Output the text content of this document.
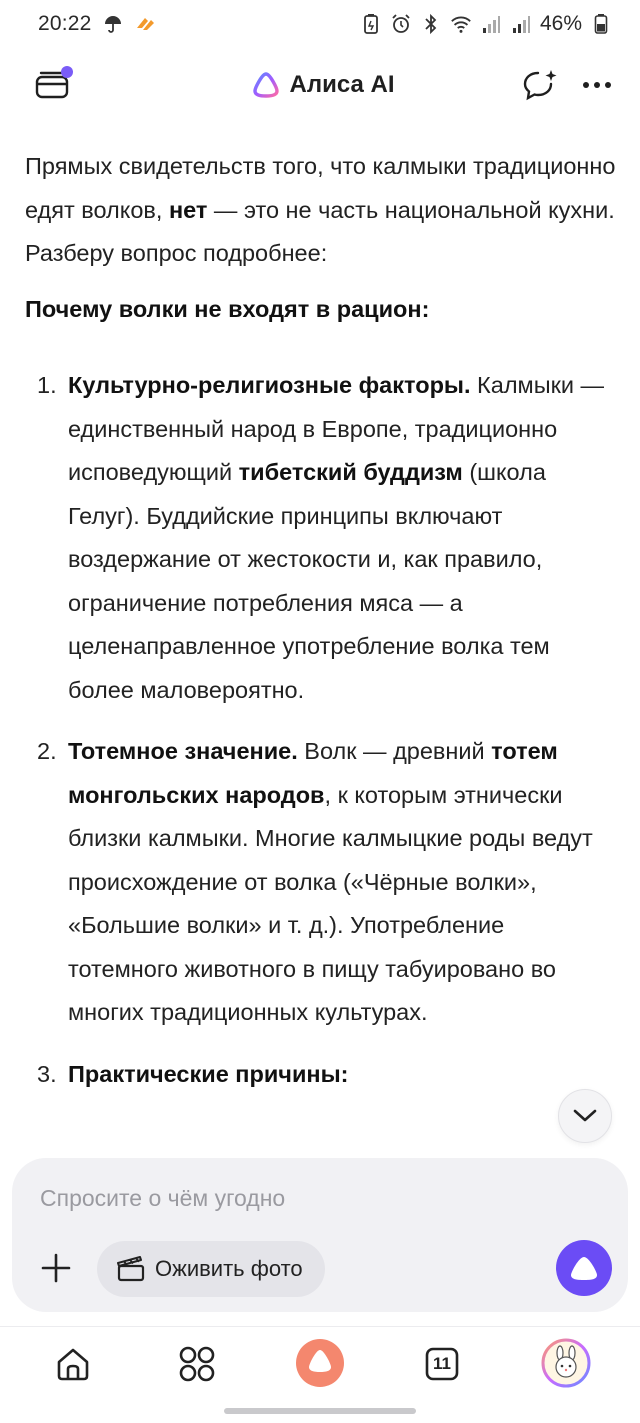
20:22	46%
Алиса AI

Прямых свидетельств того, что калмыки традиционно едят волков, нет — это не часть национальной кухни. Разберу вопрос подробнее:

Почему волки не входят в рацион:

1. Культурно-религиозные факторы. Калмыки — единственный народ в Европе, традиционно исповедующий тибетский буддизм (школа Гелуг). Буддийские принципы включают воздержание от жестокости и, как правило, ограничение потребления мяса — а целенаправленное употребление волка тем более маловероятно.
2. Тотемное значение. Волк — древний тотем монгольских народов, к которым этнически близки калмыки. Многие калмыцкие роды ведут происхождение от волка («Чёрные волки», «Большие волки» и т. д.). Употребление тотемного животного в пищу табуировано во многих традиционных культурах.
3. Практические причины:
Спросите о чём угодно
Оживить фото
11
